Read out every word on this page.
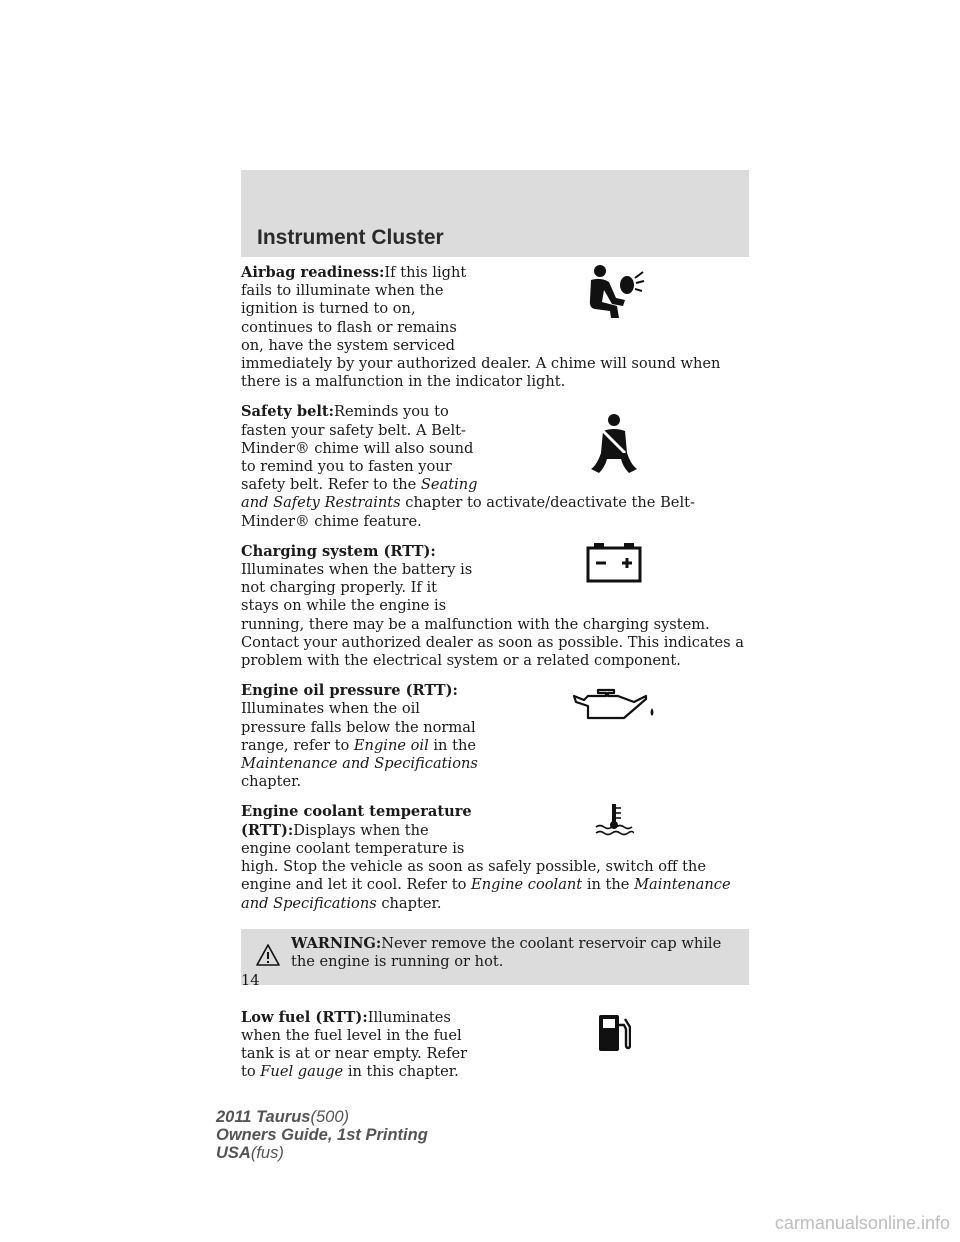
Instrument Cluster
Airbag readiness:If this light fails to illuminate when the ignition is turned to on, continues to flash or remains on, have the system serviced immediately by your authorized dealer. A chime will sound when there is a malfunction in the indicator light.
Safety belt:Reminds you to fasten your safety belt. A Belt-Minder® chime will also sound to remind you to fasten your safety belt. Refer to the Seating and Safety Restraints chapter to activate/deactivate the Belt-Minder® chime feature.
Charging system (RTT):
Illuminates when the battery is not charging properly. If it stays on while the engine is running, there may be a malfunction with the charging system. Contact your authorized dealer as soon as possible. This indicates a problem with the electrical system or a related component.
Engine oil pressure (RTT):
Illuminates when the oil pressure falls below the normal range, refer to Engine oil in the Maintenance and Specifications chapter.
Engine coolant temperature (RTT):Displays when the engine coolant temperature is high. Stop the vehicle as soon as safely possible, switch off the engine and let it cool. Refer to Engine coolant in the Maintenance and Specifications chapter.
WARNING:Never remove the coolant reservoir cap while the engine is running or hot.
Low fuel (RTT):Illuminates when the fuel level in the fuel tank is at or near empty. Refer to Fuel gauge in this chapter.
14
2011 Taurus(500)
Owners Guide, 1st Printing
USA(fus)
carmanualsonline.info
